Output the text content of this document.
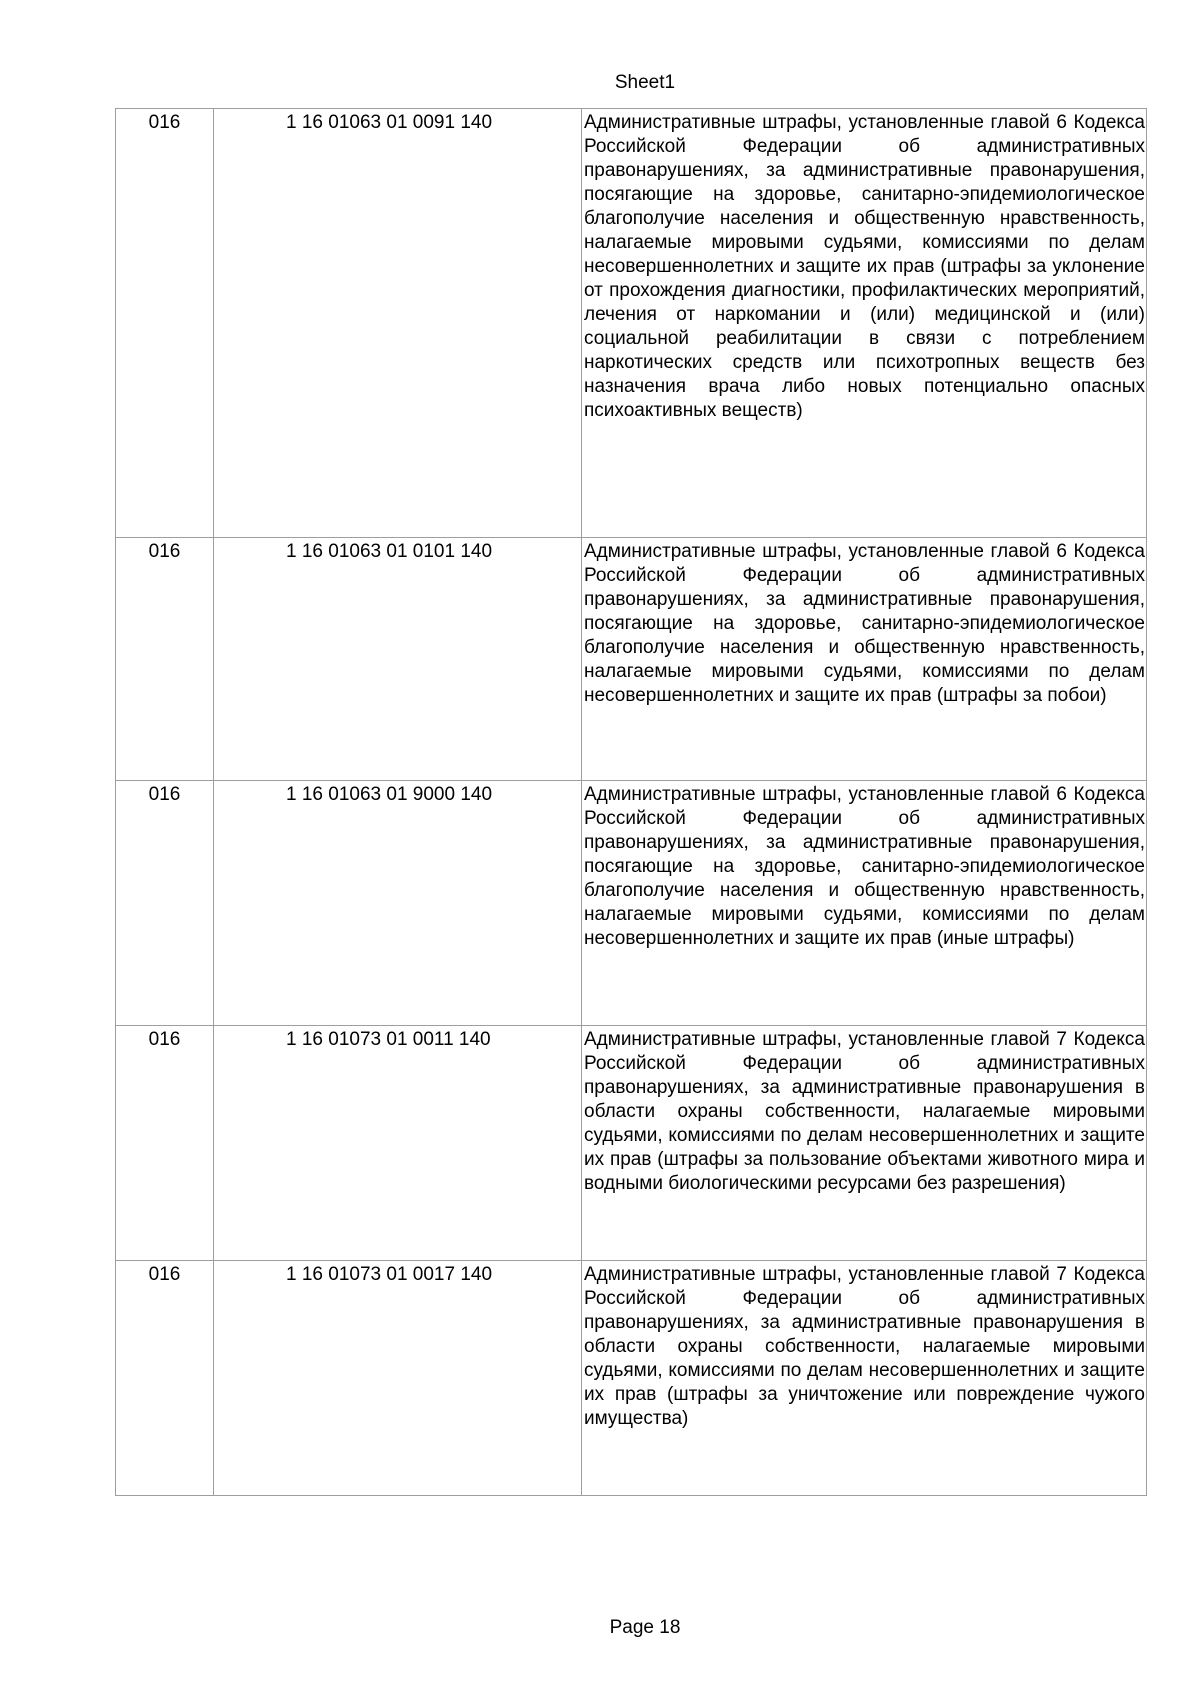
Sheet1
016	1 16 01063 01 0091 140	Административные штрафы, установленные главой 6 Кодекса Российской Федерации об административных правонарушениях, за административные правонарушения, посягающие на здоровье, санитарно-эпидемиологическое благополучие населения и общественную нравственность, налагаемые мировыми судьями, комиссиями по делам несовершеннолетних и защите их прав (штрафы за уклонение от прохождения диагностики, профилактических мероприятий, лечения от наркомании и (или) медицинской и (или) социальной реабилитации в связи с потреблением наркотических средств или психотропных веществ без назначения врача либо новых потенциально опасных психоактивных веществ)
016	1 16 01063 01 0101 140	Административные штрафы, установленные главой 6 Кодекса Российской Федерации об административных правонарушениях, за административные правонарушения, посягающие на здоровье, санитарно-эпидемиологическое благополучие населения и общественную нравственность, налагаемые мировыми судьями, комиссиями по делам несовершеннолетних и защите их прав (штрафы за побои)
016	1 16 01063 01 9000 140	Административные штрафы, установленные главой 6 Кодекса Российской Федерации об административных правонарушениях, за административные правонарушения, посягающие на здоровье, санитарно-эпидемиологическое благополучие населения и общественную нравственность, налагаемые мировыми судьями, комиссиями по делам несовершеннолетних и защите их прав (иные штрафы)
016	1 16 01073 01 0011 140	Административные штрафы, установленные главой 7 Кодекса Российской Федерации об административных правонарушениях, за административные правонарушения в области охраны собственности, налагаемые мировыми судьями, комиссиями по делам несовершеннолетних и защите их прав (штрафы за пользование объектами животного мира и водными биологическими ресурсами без разрешения)
016	1 16 01073 01 0017 140	Административные штрафы, установленные главой 7 Кодекса Российской Федерации об административных правонарушениях, за административные правонарушения в области охраны собственности, налагаемые мировыми судьями, комиссиями по делам несовершеннолетних и защите их прав (штрафы за уничтожение или повреждение чужого имущества)
Page 18
